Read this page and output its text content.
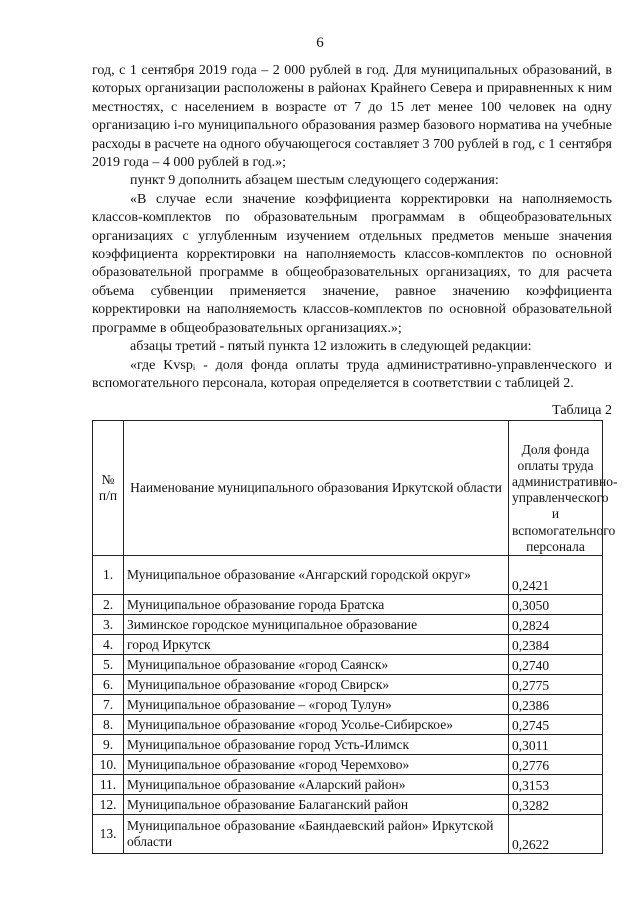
6

год, с 1 сентября 2019 года – 2 000 рублей в год. Для муниципальных образований, в которых организации расположены в районах Крайнего Севера и приравненных к ним местностях, с населением в возрасте от 7 до 15 лет менее 100 человек на одну организацию i-го муниципального образования размер базового норматива на учебные расходы в расчете на одного обучающегося составляет 3 700 рублей в год, с 1 сентября 2019 года – 4 000 рублей в год.»;

пункт 9 дополнить абзацем шестым следующего содержания:

«В случае если значение коэффициента корректировки на наполняемость классов-комплектов по образовательным программам в общеобразовательных организациях с углубленным изучением отдельных предметов меньше значения коэффициента корректировки на наполняемость классов-комплектов по основной образовательной программе в общеобразовательных организациях, то для расчета объема субвенции применяется значение, равное значению коэффициента корректировки на наполняемость классов-комплектов по основной образовательной программе в общеобразовательных организациях.»;

абзацы третий - пятый пункта 12 изложить в следующей редакции:

«где Kvspᵢ - доля фонда оплаты труда административно-управленческого и вспомогательного персонала, которая определяется в соответствии с таблицей 2.

Таблица 2
№ п/п	Наименование муниципального образования Иркутской области	Доля фонда оплаты труда административно-управленческого и вспомогательного персонала
1.	Муниципальное образование «Ангарский городской округ»	0,2421
2.	Муниципальное образование города Братска	0,3050
3.	Зиминское городское муниципальное образование	0,2824
4.	город Иркутск	0,2384
5.	Муниципальное образование «город Саянск»	0,2740
6.	Муниципальное образование «город Свирск»	0,2775
7.	Муниципальное образование – «город Тулун»	0,2386
8.	Муниципальное образование «город Усолье-Сибирское»	0,2745
9.	Муниципальное образование город Усть-Илимск	0,3011
10.	Муниципальное образование «город Черемхово»	0,2776
11.	Муниципальное образование «Аларский район»	0,3153
12.	Муниципальное образование Балаганский район	0,3282
13.	Муниципальное образование «Баяндаевский район» Иркутской области	0,2622
